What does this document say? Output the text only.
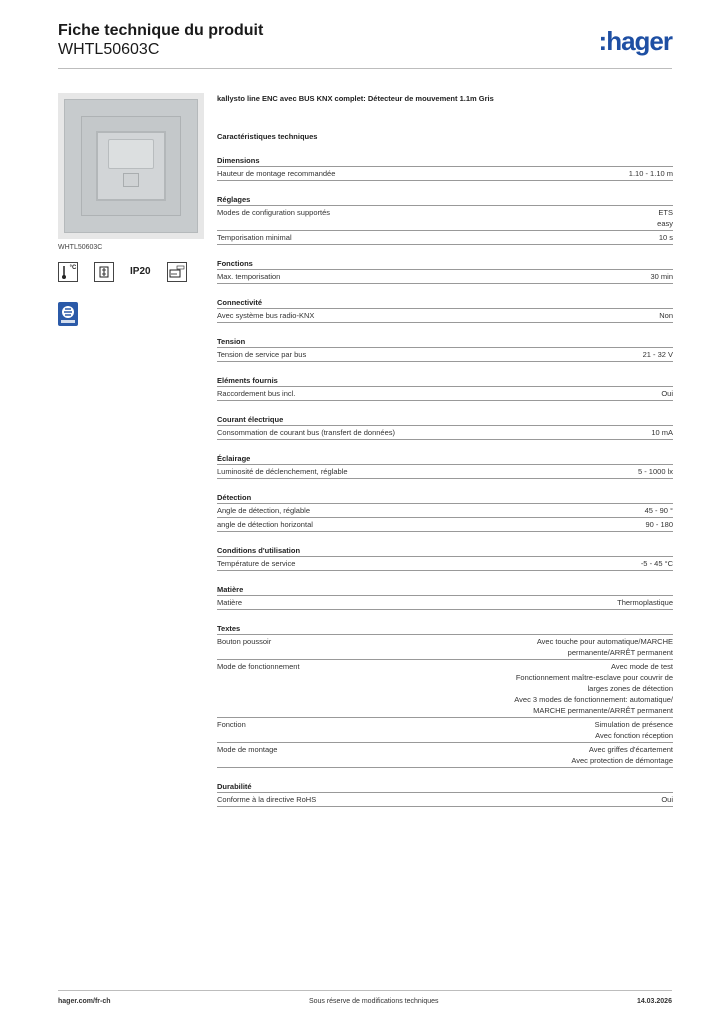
Fiche technique du produit
WHTL50603C	:hager
WHTL50603C
°C	IP20
kallysto line ENC avec BUS KNX complet: Détecteur de mouvement 1.1m Gris
Caractéristiques techniques
Dimensions
Hauteur de montage recommandée	1.10 - 1.10 m
Réglages
Modes de configuration supportés	ETS
easy
Temporisation minimal	10 s
Fonctions
Max. temporisation	30 min
Connectivité
Avec système bus radio-KNX	Non
Tension
Tension de service par bus	21 - 32 V
Eléments fournis
Raccordement bus incl.	Oui
Courant électrique
Consommation de courant bus (transfert de données)	10 mA
Éclairage
Luminosité de déclenchement, réglable	5 - 1000 lx
Détection
Angle de détection, réglable	45 - 90 °
angle de détection horizontal	90 - 180
Conditions d'utilisation
Température de service	-5 - 45 °C
Matière
Matière	Thermoplastique
Textes
Bouton poussoir	Avec touche pour automatique/MARCHE
permanente/ARRÊT permanent
Mode de fonctionnement	Avec mode de test
Fonctionnement maître-esclave pour couvrir de
larges zones de détection
Avec 3 modes de fonctionnement: automatique/
MARCHE permanente/ARRÊT permanent
Fonction	Simulation de présence
Avec fonction réception
Mode de montage	Avec griffes d'écartement
Avec protection de démontage
Durabilité
Conforme à la directive RoHS	Oui
hager.com/fr-ch	Sous réserve de modifications techniques	14.03.2026
